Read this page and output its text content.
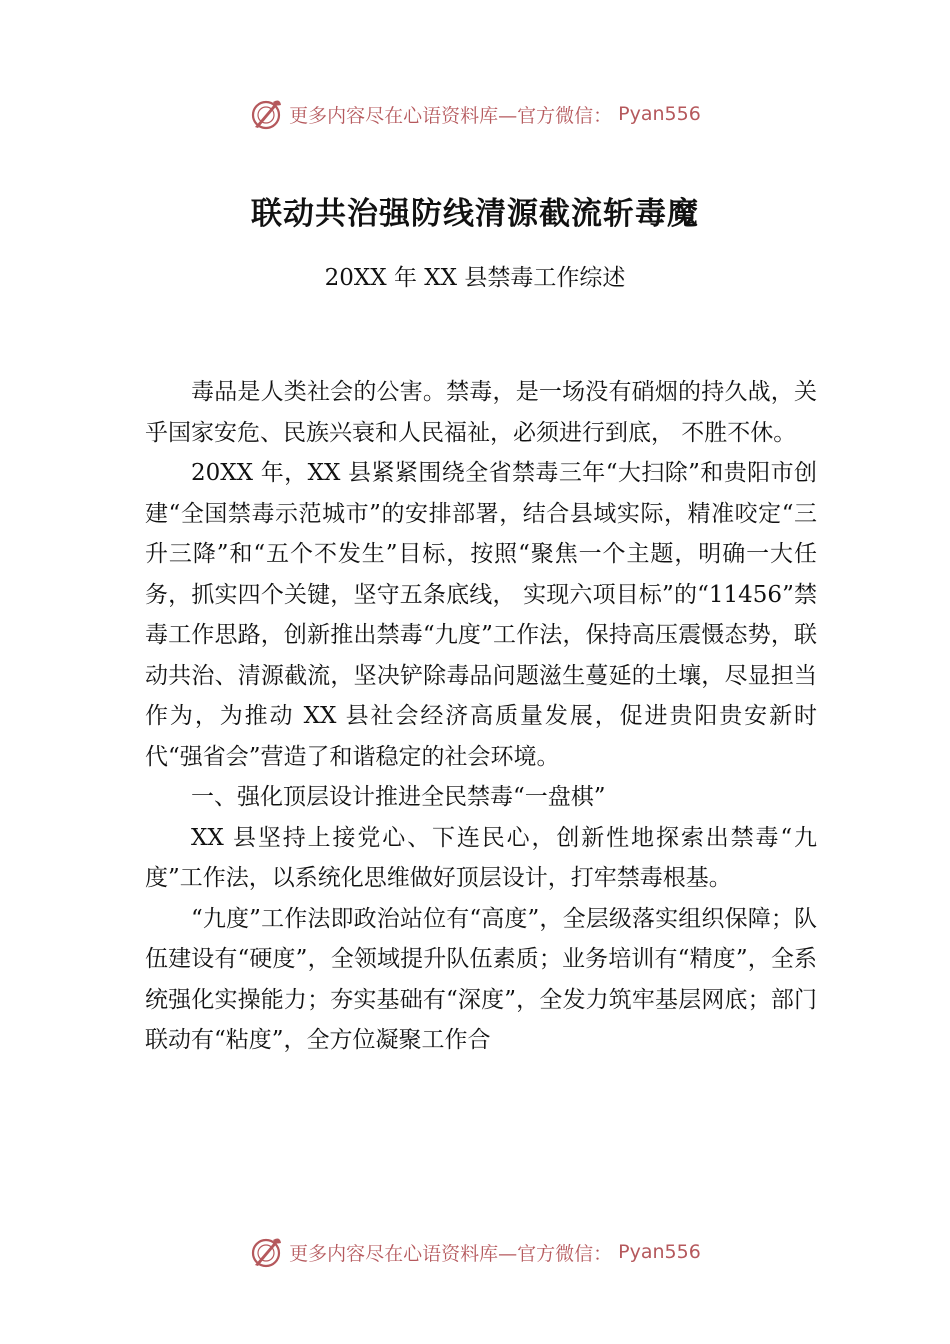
更多内容尽在心语资料库—官方微信： Pyan556
联动共治强防线清源截流斩毒魔
20XX 年 XX 县禁毒工作综述

毒品是人类社会的公害。禁毒，是一场没有硝烟的持久战，关乎国家安危、民族兴衰和人民福祉，必须进行到底， 不胜不休。

20XX 年，XX 县紧紧围绕全省禁毒三年“大扫除”和贵阳市创建“全国禁毒示范城市”的安排部署，结合县域实际，精准咬定“三升三降”和“五个不发生”目标，按照“聚焦一个主题，明确一大任务，抓实四个关键，坚守五条底线， 实现六项目标”的“11456”禁毒工作思路，创新推出禁毒“九度”工作法，保持高压震慑态势，联动共治、清源截流，坚决铲除毒品问题滋生蔓延的土壤，尽显担当作为，为推动 XX 县社会经济高质量发展，促进贵阳贵安新时代“强省会”营造了和谐稳定的社会环境。

一、强化顶层设计推进全民禁毒“一盘棋”

XX 县坚持上接党心、下连民心，创新性地探索出禁毒“九度”工作法，以系统化思维做好顶层设计，打牢禁毒根基。

“九度”工作法即政治站位有“高度”，全层级落实组织保障；队伍建设有“硬度”，全领域提升队伍素质；业务培训有“精度”，全系统强化实操能力；夯实基础有“深度”，全发力筑牢基层网底；部门联动有“粘度”，全方位凝聚工作合

更多内容尽在心语资料库—官方微信： Pyan556
